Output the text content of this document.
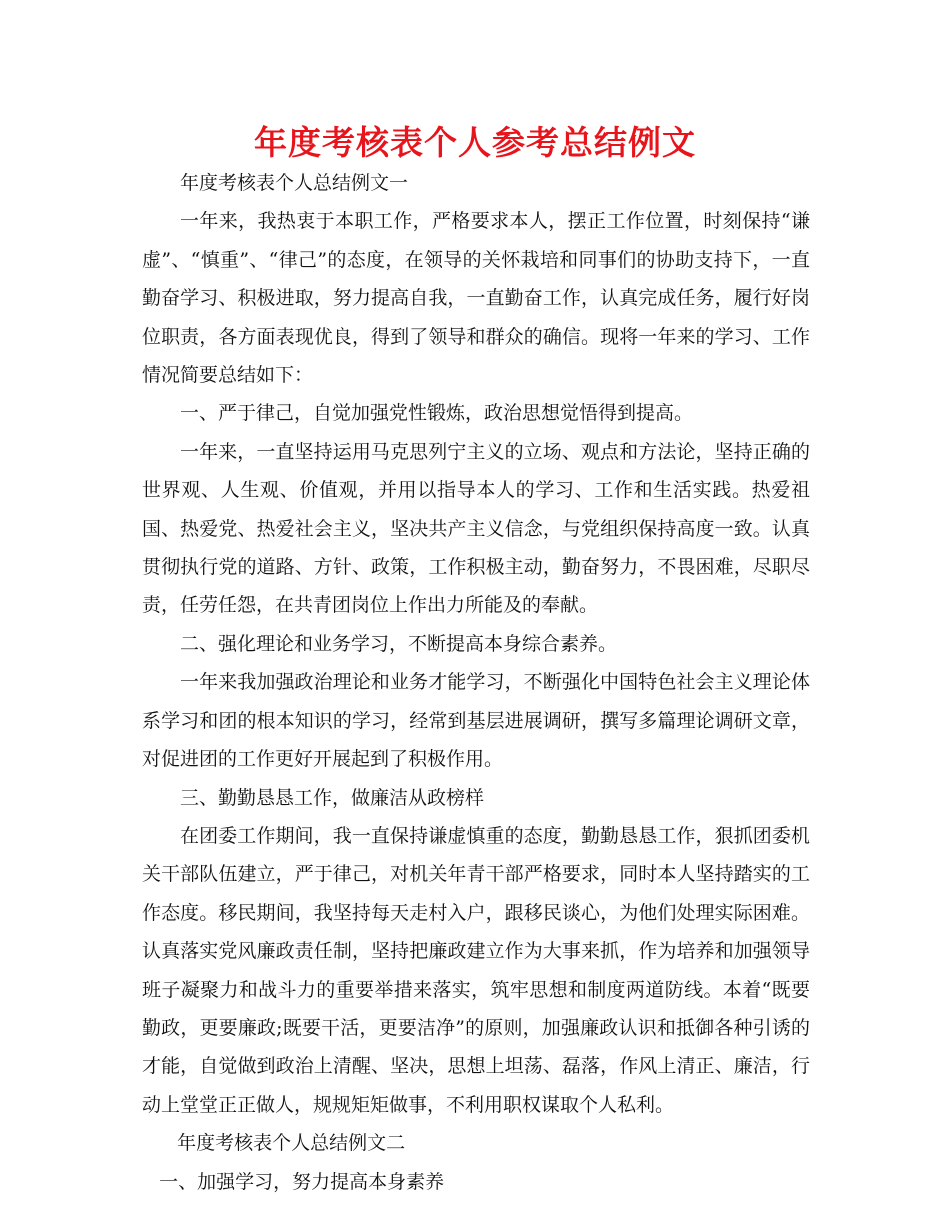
年度考核表个人参考总结例文

年度考核表个人总结例文一

一年来，我热衷于本职工作，严格要求本人，摆正工作位置，时刻保持“谦虚”、“慎重”、“律己”的态度，在领导的关怀栽培和同事们的协助支持下，一直勤奋学习、积极进取，努力提高自我，一直勤奋工作，认真完成任务，履行好岗位职责，各方面表现优良，得到了领导和群众的确信。现将一年来的学习、工作情况简要总结如下：

一、严于律己，自觉加强党性锻炼，政治思想觉悟得到提高。

一年来，一直坚持运用马克思列宁主义的立场、观点和方法论，坚持正确的世界观、人生观、价值观，并用以指导本人的学习、工作和生活实践。热爱祖国、热爱党、热爱社会主义，坚决共产主义信念，与党组织保持高度一致。认真贯彻执行党的道路、方针、政策，工作积极主动，勤奋努力，不畏困难，尽职尽责，任劳任怨，在共青团岗位上作出力所能及的奉献。

二、强化理论和业务学习，不断提高本身综合素养。

一年来我加强政治理论和业务才能学习，不断强化中国特色社会主义理论体系学习和团的根本知识的学习，经常到基层进展调研，撰写多篇理论调研文章，对促进团的工作更好开展起到了积极作用。

三、勤勤恳恳工作，做廉洁从政榜样

在团委工作期间，我一直保持谦虚慎重的态度，勤勤恳恳工作，狠抓团委机关干部队伍建立，严于律己，对机关年青干部严格要求，同时本人坚持踏实的工作态度。移民期间，我坚持每天走村入户，跟移民谈心，为他们处理实际困难。认真落实党风廉政责任制，坚持把廉政建立作为大事来抓，作为培养和加强领导班子凝聚力和战斗力的重要举措来落实，筑牢思想和制度两道防线。本着“既要勤政，更要廉政;既要干活，更要洁净”的原则，加强廉政认识和抵御各种引诱的才能，自觉做到政治上清醒、坚决，思想上坦荡、磊落，作风上清正、廉洁，行动上堂堂正正做人，规规矩矩做事，不利用职权谋取个人私利。

年度考核表个人总结例文二

一、加强学习，努力提高本身素养
